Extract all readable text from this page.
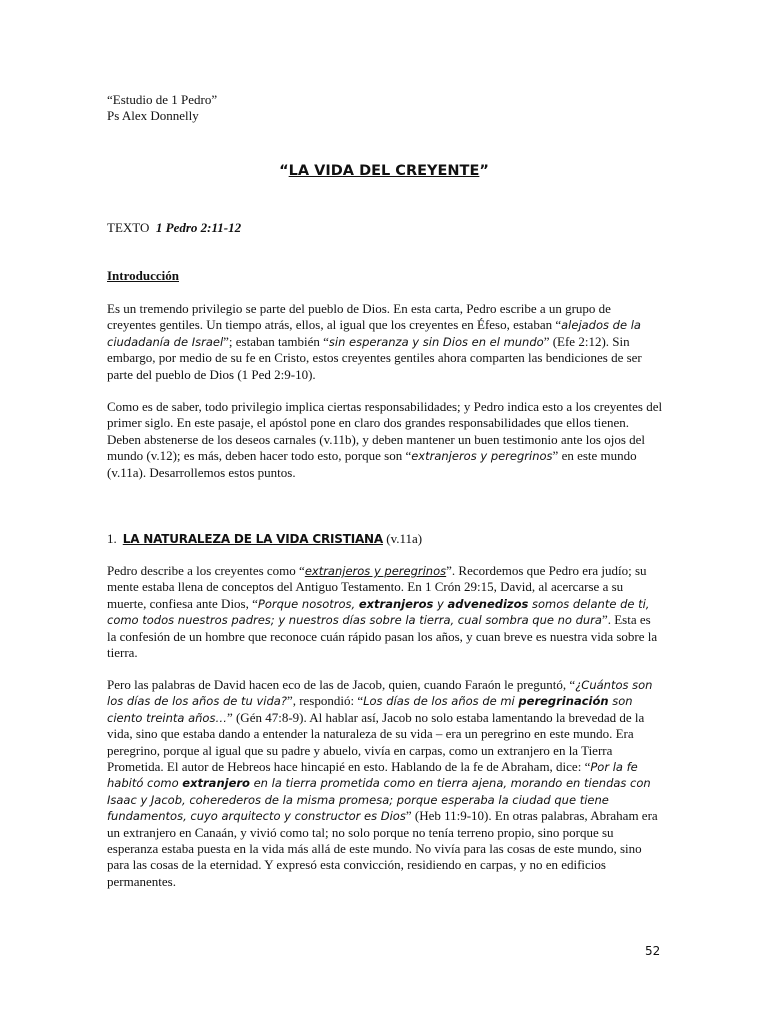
“Estudio de 1 Pedro”
Ps Alex Donnelly
“LA VIDA DEL CREYENTE”
TEXTO 1 Pedro 2:11-12
Introducción
Es un tremendo privilegio se parte del pueblo de Dios. En esta carta, Pedro escribe a un grupo de creyentes gentiles. Un tiempo atrás, ellos, al igual que los creyentes en Éfeso, estaban “alejados de la ciudadanía de Israel”; estaban también “sin esperanza y sin Dios en el mundo” (Efe 2:12). Sin embargo, por medio de su fe en Cristo, estos creyentes gentiles ahora comparten las bendiciones de ser parte del pueblo de Dios (1 Ped 2:9-10).
Como es de saber, todo privilegio implica ciertas responsabilidades; y Pedro indica esto a los creyentes del primer siglo. En este pasaje, el apóstol pone en claro dos grandes responsabilidades que ellos tienen. Deben abstenerse de los deseos carnales (v.11b), y deben mantener un buen testimonio ante los ojos del mundo (v.12); es más, deben hacer todo esto, porque son “extranjeros y peregrinos” en este mundo (v.11a). Desarrollemos estos puntos.
1. LA NATURALEZA DE LA VIDA CRISTIANA (v.11a)
Pedro describe a los creyentes como “extranjeros y peregrinos”. Recordemos que Pedro era judío; su mente estaba llena de conceptos del Antiguo Testamento. En 1 Crón 29:15, David, al acercarse a su muerte, confiesa ante Dios, “Porque nosotros, extranjeros y advenedizos somos delante de ti, como todos nuestros padres; y nuestros días sobre la tierra, cual sombra que no dura”. Esta es la confesión de un hombre que reconoce cuán rápido pasan los años, y cuan breve es nuestra vida sobre la tierra.
Pero las palabras de David hacen eco de las de Jacob, quien, cuando Faraón le preguntó, “¿Cuántos son los días de los años de tu vida?”, respondió: “Los días de los años de mi peregrinación son ciento treinta años…” (Gén 47:8-9). Al hablar así, Jacob no solo estaba lamentando la brevedad de la vida, sino que estaba dando a entender la naturaleza de su vida – era un peregrino en este mundo. Era peregrino, porque al igual que su padre y abuelo, vivía en carpas, como un extranjero en la Tierra Prometida. El autor de Hebreos hace hincapié en esto. Hablando de la fe de Abraham, dice: “Por la fe habitó como extranjero en la tierra prometida como en tierra ajena, morando en tiendas con Isaac y Jacob, coherederos de la misma promesa; porque esperaba la ciudad que tiene fundamentos, cuyo arquitecto y constructor es Dios” (Heb 11:9-10). En otras palabras, Abraham era un extranjero en Canaán, y vivió como tal; no solo porque no tenía terreno propio, sino porque su esperanza estaba puesta en la vida más allá de este mundo. No vivía para las cosas de este mundo, sino para las cosas de la eternidad. Y expresó esta convicción, residiendo en carpas, y no en edificios permanentes.
52
